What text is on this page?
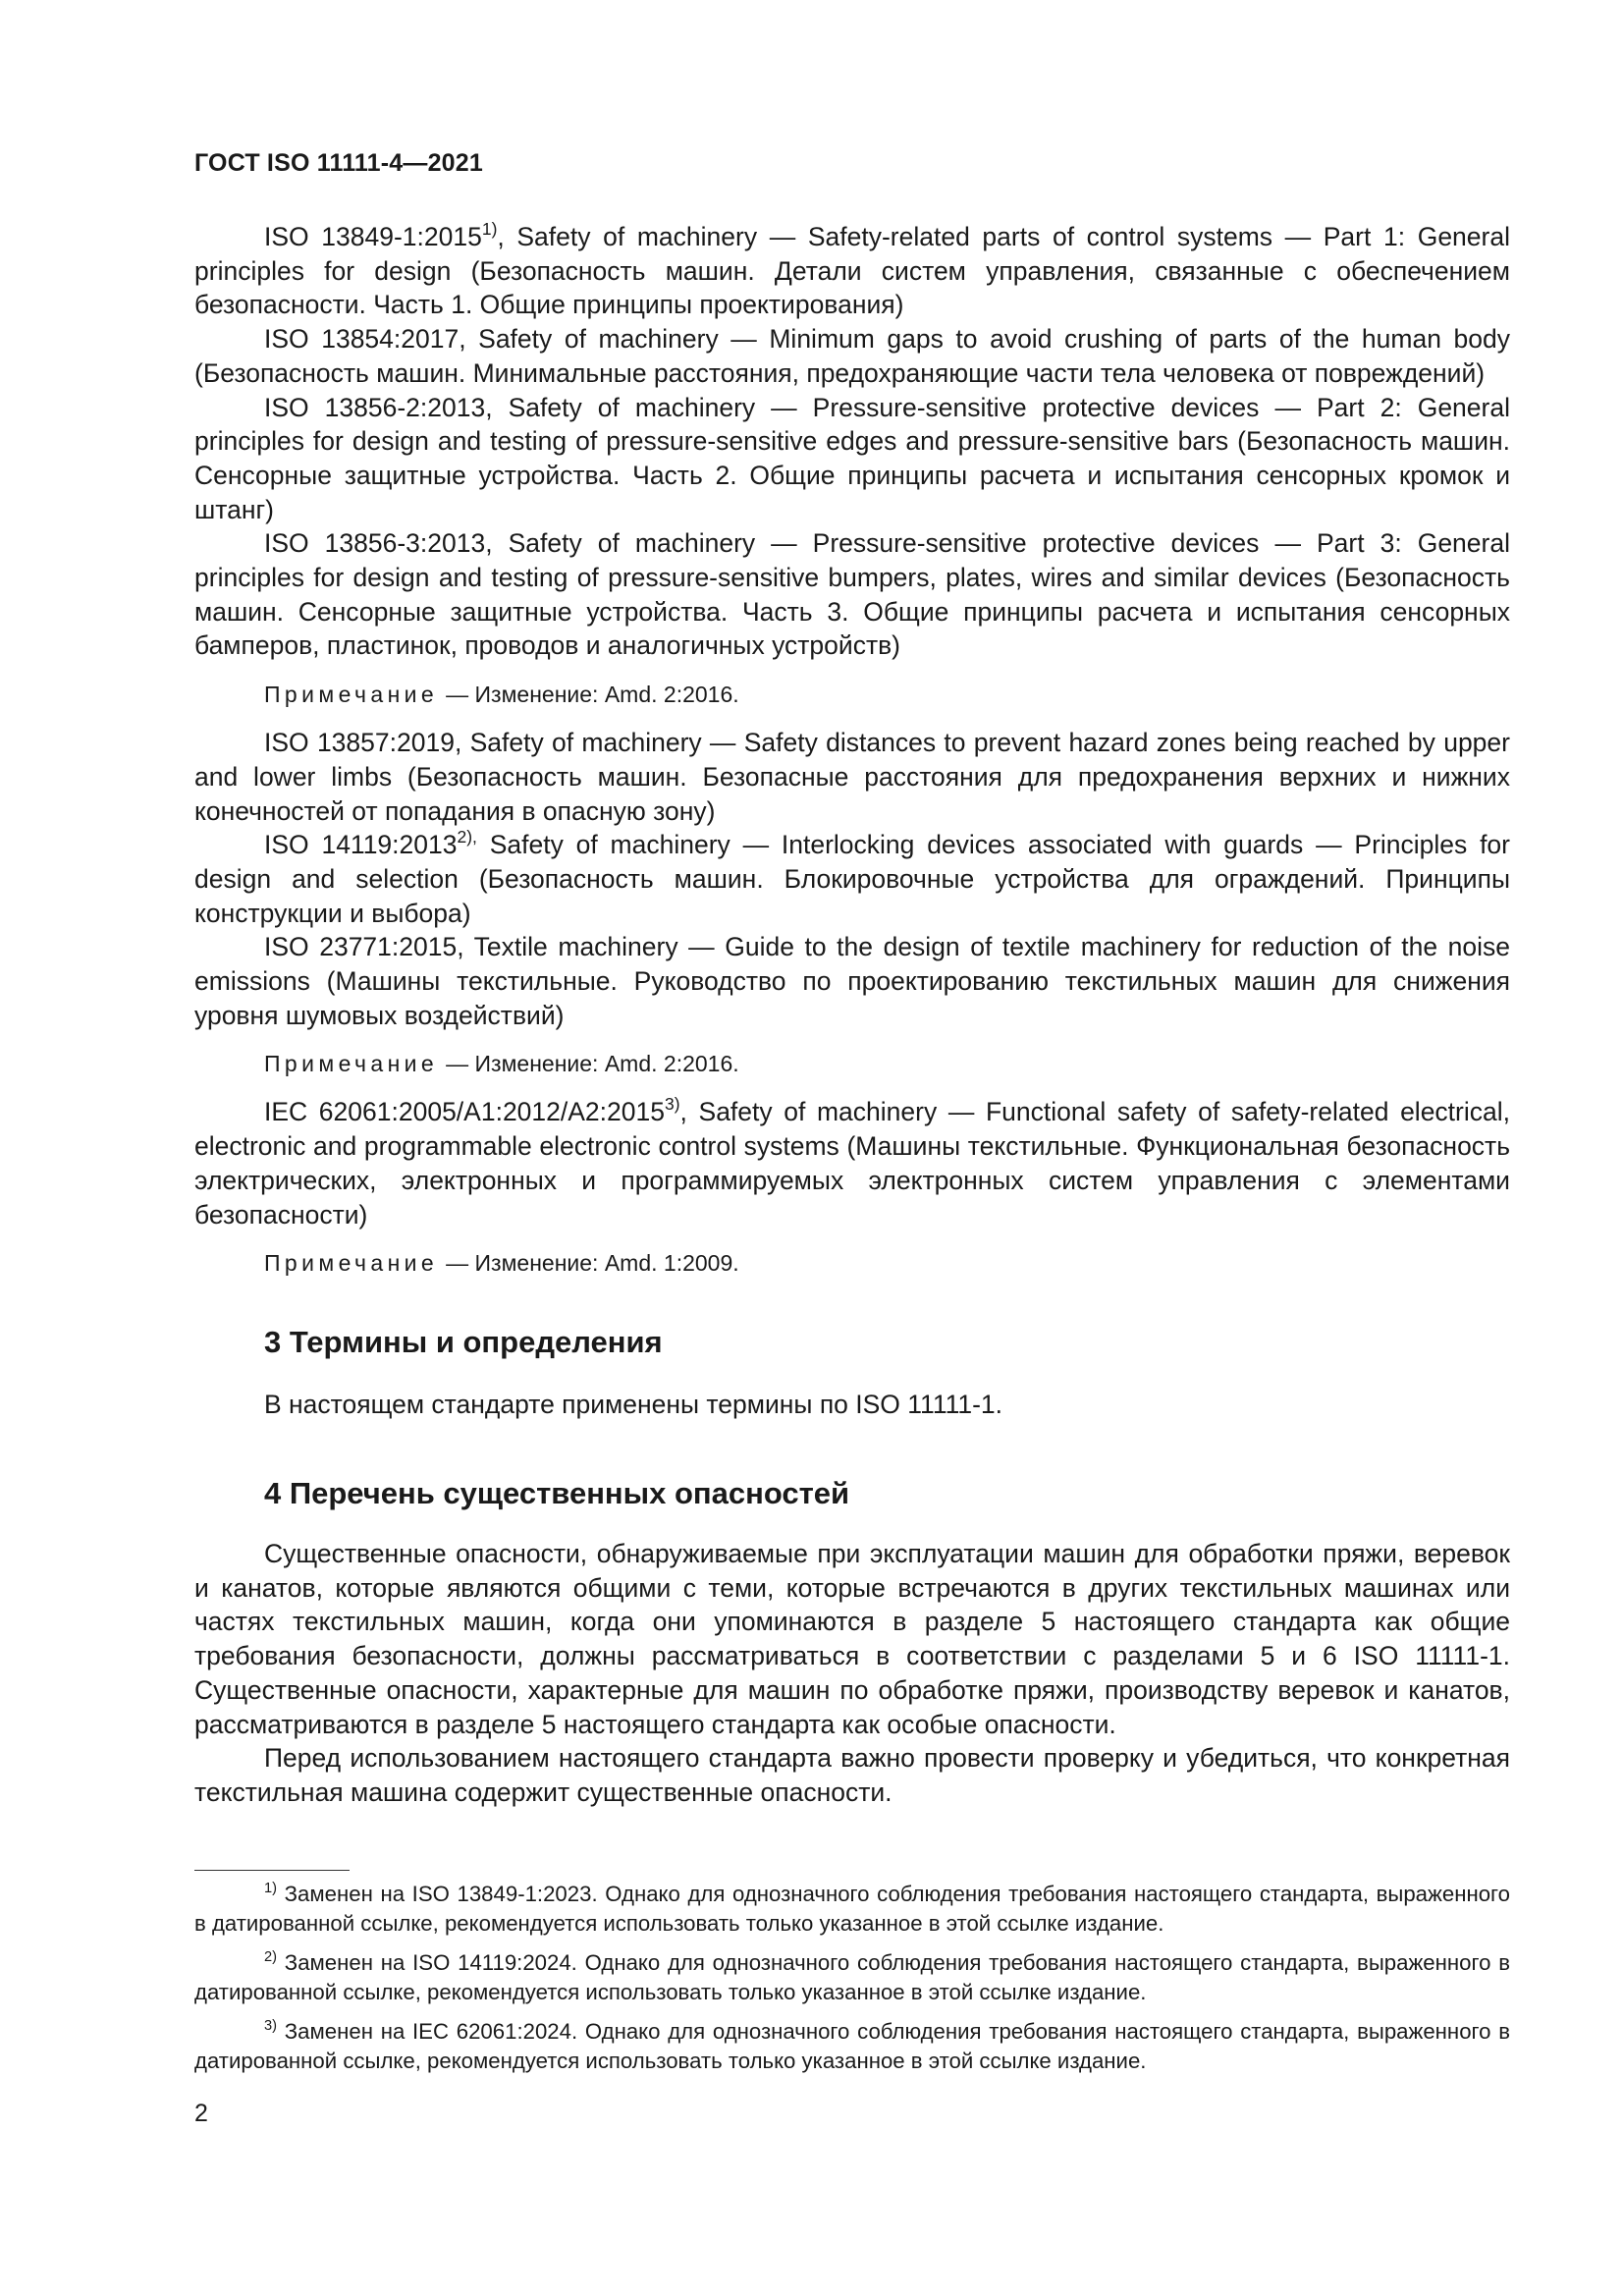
ГОСТ ISO 11111-4—2021

ISO 13849-1:2015$^{1)}$, Safety of machinery — Safety-related parts of control systems — Part 1: General principles for design (Безопасность машин. Детали систем управления, связанные с обеспечением безопасности. Часть 1. Общие принципы проектирования)

ISO 13854:2017, Safety of machinery — Minimum gaps to avoid crushing of parts of the human body (Безопасность машин. Минимальные расстояния, предохраняющие части тела человека от повреждений)

ISO 13856-2:2013, Safety of machinery — Pressure-sensitive protective devices — Part 2: General principles for design and testing of pressure-sensitive edges and pressure-sensitive bars (Безопасность машин. Сенсорные защитные устройства. Часть 2. Общие принципы расчета и испытания сенсорных кромок и штанг)

ISO 13856-3:2013, Safety of machinery — Pressure-sensitive protective devices — Part 3: General principles for design and testing of pressure-sensitive bumpers, plates, wires and similar devices (Безопасность машин. Сенсорные защитные устройства. Часть 3. Общие принципы расчета и испытания сенсорных бамперов, пластинок, проводов и аналогичных устройств)

Примечание — Изменение: Amd. 2:2016.

ISO 13857:2019, Safety of machinery — Safety distances to prevent hazard zones being reached by upper and lower limbs (Безопасность машин. Безопасные расстояния для предохранения верхних и нижних конечностей от попадания в опасную зону)

ISO $14119:2013^{2),}$ Safety of machinery — Interlocking devices associated with guards — Principles for design and selection (Безопасность машин. Блокировочные устройства для ограждений. Принципы конструкции и выбора)

ISO 23771:2015, Textile machinery — Guide to the design of textile machinery for reduction of the noise emissions (Машины текстильные. Руководство по проектированию текстильных машин для снижения уровня шумовых воздействий)

Примечание — Изменение: Amd. 2:2016.

IEC 62061:2005/A1:2012/A2:2015$^{3)}$, Safety of machinery — Functional safety of safety-related electrical, electronic and programmable electronic control systems (Машины текстильные. Функциональная безопасность электрических, электронных и программируемых электронных систем управления с элементами безопасности)

Примечание — Изменение: Amd. 1:2009.
3 Термины и определения

В настоящем стандарте применены термины по ISO 11111-1.

4 Перечень существенных опасностей

Существенные опасности, обнаруживаемые при эксплуатации машин для обработки пряжи, веревок и канатов, которые являются общими с теми, которые встречаются в других текстильных машинах или частях текстильных машин, когда они упоминаются в разделе 5 настоящего стандарта как общие требования безопасности, должны рассматриваться в соответствии с разделами 5 и 6 ISO 11111-1. Существенные опасности, характерные для машин по обработке пряжи, производству веревок и канатов, рассматриваются в разделе 5 настоящего стандарта как особые опасности.

Перед использованием настоящего стандарта важно провести проверку и убедиться, что конкретная текстильная машина содержит существенные опасности.

$^{1)}$ Заменен на ISO 13849-1:2023. Однако для однозначного соблюдения требования настоящего стандарта, выраженного в датированной ссылке, рекомендуется использовать только указанное в этой ссылке издание.

$^{2)}$ Заменен на ISO 14119:2024. Однако для однозначного соблюдения требования настоящего стандарта, выраженного в датированной ссылке, рекомендуется использовать только указанное в этой ссылке издание.

$^{3)}$ Заменен на IEC 62061:2024. Однако для однозначного соблюдения требования настоящего стандарта, выраженного в датированной ссылке, рекомендуется использовать только указанное в этой ссылке издание.

2
